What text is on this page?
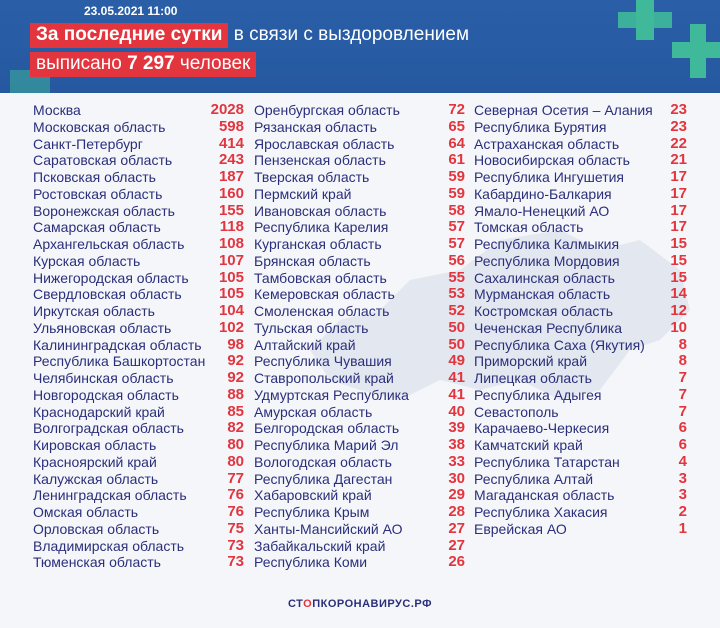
23.05.2021 11:00
За последние сутки в связи с выздоровлением
выписано 7 297 человек
Москва	2028
Московская область	598
Санкт-Петербург	414
Саратовская область	243
Псковская область	187
Ростовская область	160
Воронежская область	155
Самарская область	118
Архангельская область 108
Курская область	107
Нижегородская область 105
Свердловская область 105
Иркутская область	104
Ульяновская область	102
Калининградская область 98
Республика Башкортостан 92
Челябинская область	92
Новгородская область	88
Краснодарский край	85
Волгоградская область	82
Кировская область	80
Красноярский край	80
Калужская область	77
Ленинградская область	76
Омская область	76
Орловская область	75
Владимирская область	73
Тюменская область	73
Оренбургская область	72
Рязанская область	65
Ярославская область	64
Пензенская область	61
Тверская область	59
Пермский край	59
Ивановская область	58
Республика Карелия	57
Курганская область	57
Брянская область	56
Тамбовская область	55
Кемеровская область	53
Смоленская область	52
Тульская область	50
Алтайский край	50
Республика Чувашия	49
Ставропольский край	41
Удмуртская Республика	41
Амурская область	40
Белгородская область	39
Республика Марий Эл	38
Вологодская область	33
Республика Дагестан	30
Хабаровский край	29
Республика Крым	28
Ханты-Мансийский АО	27
Забайкальский край	27
Республика Коми	26
Северная Осетия – Алания 23
Республика Бурятия	23
Астраханская область	22
Новосибирская область	21
Республика Ингушетия	17
Кабардино-Балкария	17
Ямало-Ненецкий АО	17
Томская область	17
Республика Калмыкия	15
Республика Мордовия	15
Сахалинская область	15
Мурманская область	14
Костромская область	12
Чеченская Республика	10
Республика Саха (Якутия) 8
Приморский край	8
Липецкая область	7
Республика Адыгея	7
Севастополь	7
Карачаево-Черкесия	6
Камчатский край	6
Республика Татарстан	4
Республика Алтай	3
Магаданская область	3
Республика Хакасия	2
Еврейская АО	1
СТОПКОРОНАВИРУС.РФ
